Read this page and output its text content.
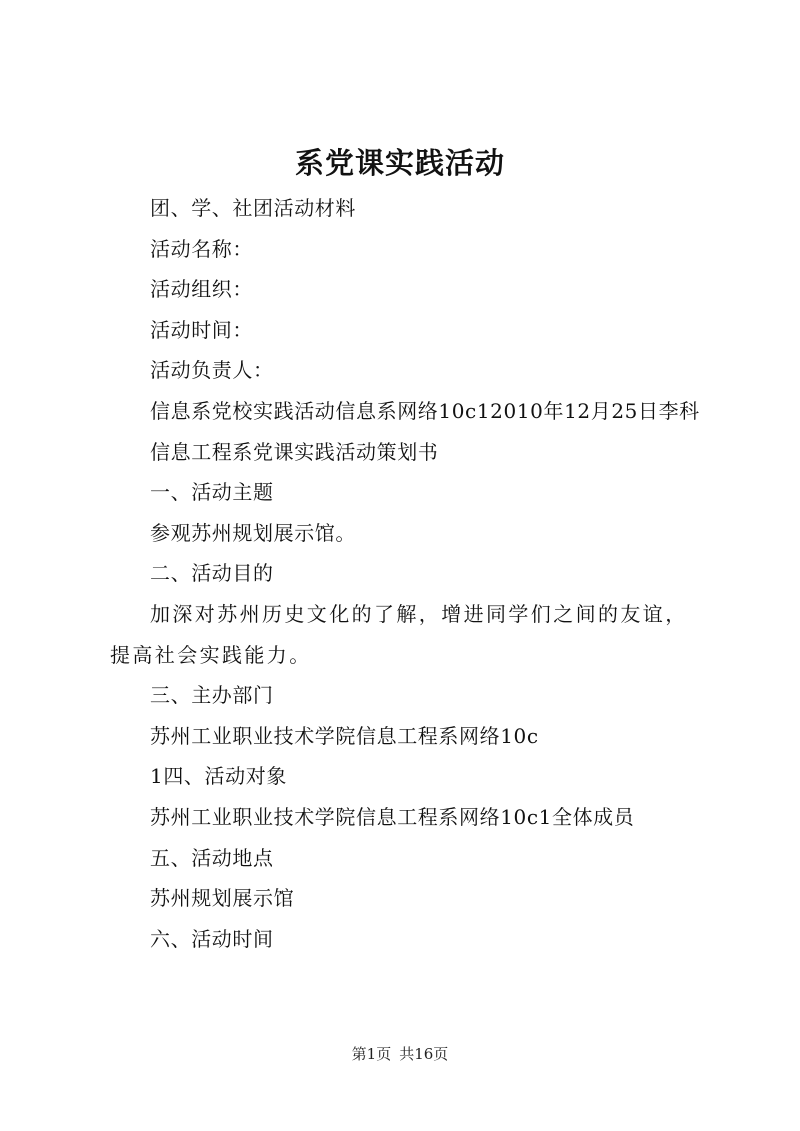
系党课实践活动

团、学、社团活动材料

活动名称：

活动组织：

活动时间：

活动负责人：

信息系党校实践活动信息系网络10c12010年12月25日李科

信息工程系党课实践活动策划书

一、活动主题

参观苏州规划展示馆。

二、活动目的

加深对苏州历史文化的了解，增进同学们之间的友谊，提高社会实践能力。

三、主办部门

苏州工业职业技术学院信息工程系网络10c

1四、活动对象

苏州工业职业技术学院信息工程系网络10c1全体成员

五、活动地点

苏州规划展示馆

六、活动时间

第1页 共16页
